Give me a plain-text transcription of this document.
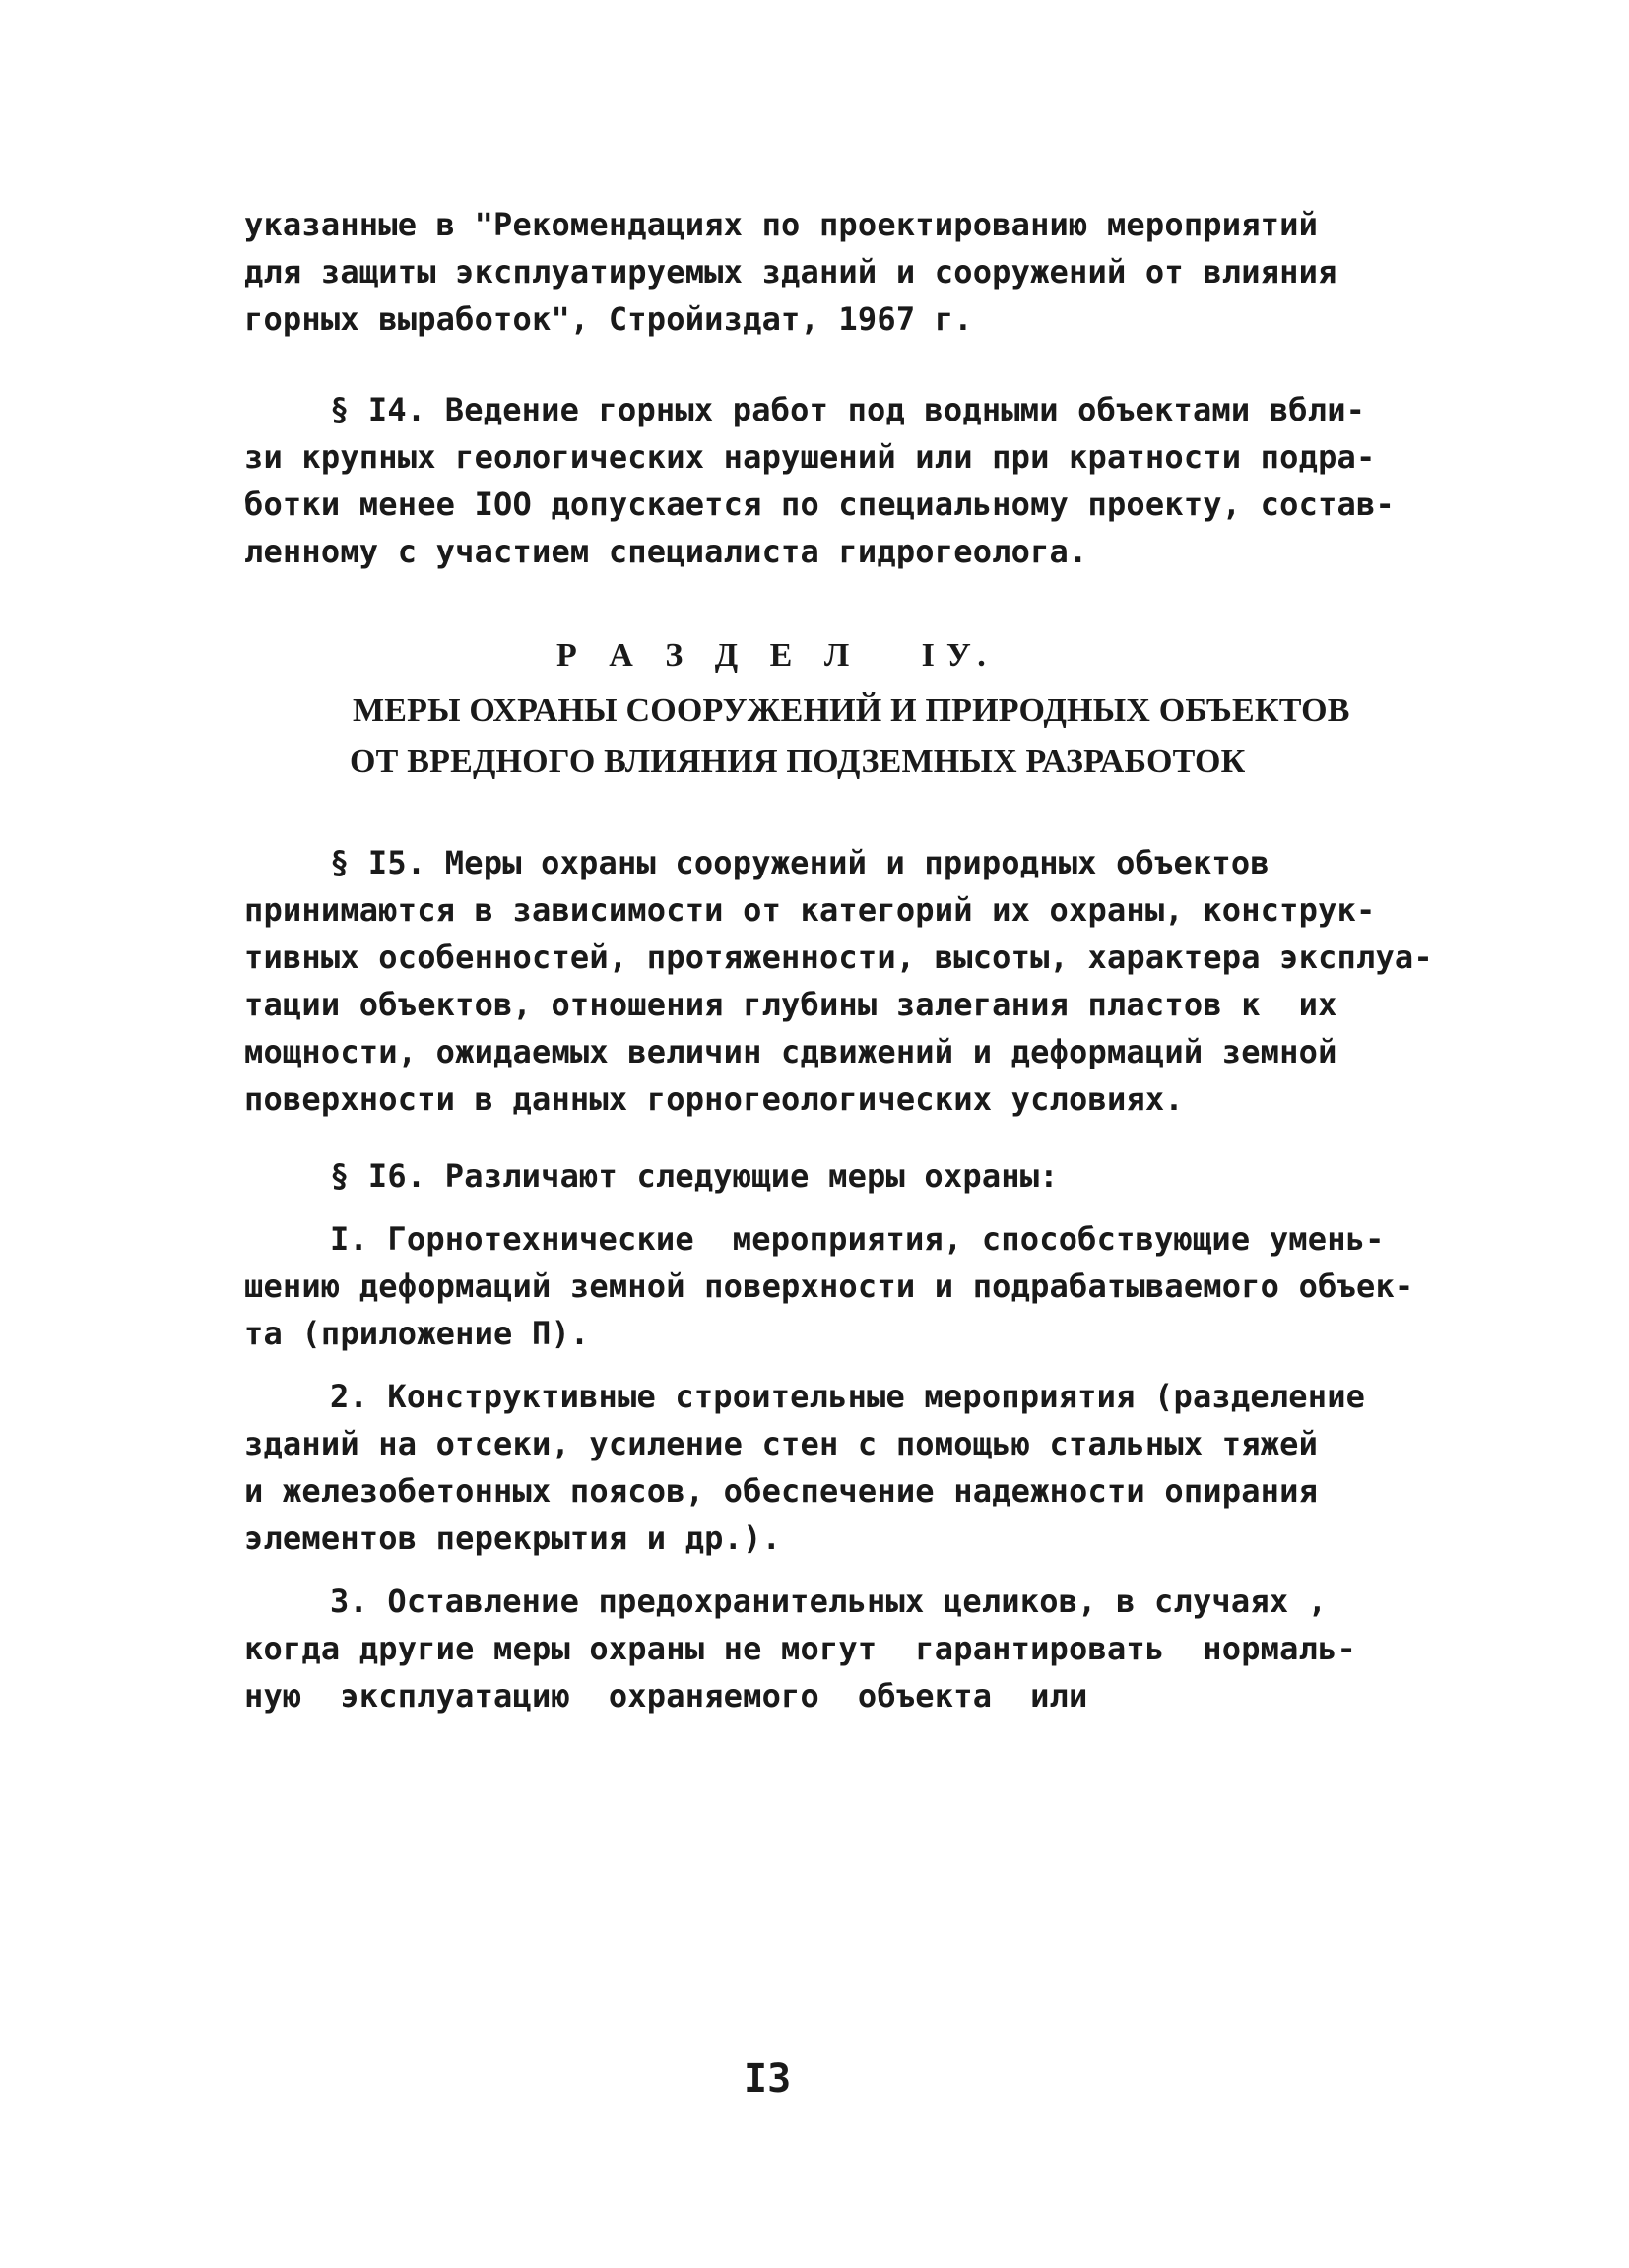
указанные в "Рекомендациях по проектированию мероприятий
для защиты эксплуатируемых зданий и сооружений от влияния
горных выработок", Стройиздат, 1967 г.
§ I4. Ведение горных работ под водными объектами вбли-
зи крупных геологических нарушений или при кратности подра-
ботки менее IOO допускается по специальному проекту, состав-
ленному с участием специалиста гидрогеолога.
Р А З Д Е Л   IУ.
МЕРЫ ОХРАНЫ СООРУЖЕНИЙ И ПРИРОДНЫХ ОБЪЕКТОВ
ОТ ВРЕДНОГО ВЛИЯНИЯ ПОДЗЕМНЫХ РАЗРАБОТОК
§ I5. Меры охраны сооружений и природных объектов
принимаются в зависимости от категорий их охраны, конструк-
тивных особенностей, протяженности, высоты, характера эксплуа-
тации объектов, отношения глубины залегания пластов к  их
мощности, ожидаемых величин сдвижений и деформаций земной
поверхности в данных горногеологических условиях.
§ I6. Различают следующие меры охраны:
I. Горнотехнические  мероприятия, способствующие умень-
шению деформаций земной поверхности и подрабатываемого объек-
та (приложение П).
2. Конструктивные строительные мероприятия (разделение
зданий на отсеки, усиление стен с помощью стальных тяжей
и железобетонных поясов, обеспечение надежности опирания
элементов перекрытия и др.).
3. Оставление предохранительных целиков, в случаях ,
когда другие меры охраны не могут  гарантировать  нормаль-
ную  эксплуатацию  охраняемого  объекта  или
I3
